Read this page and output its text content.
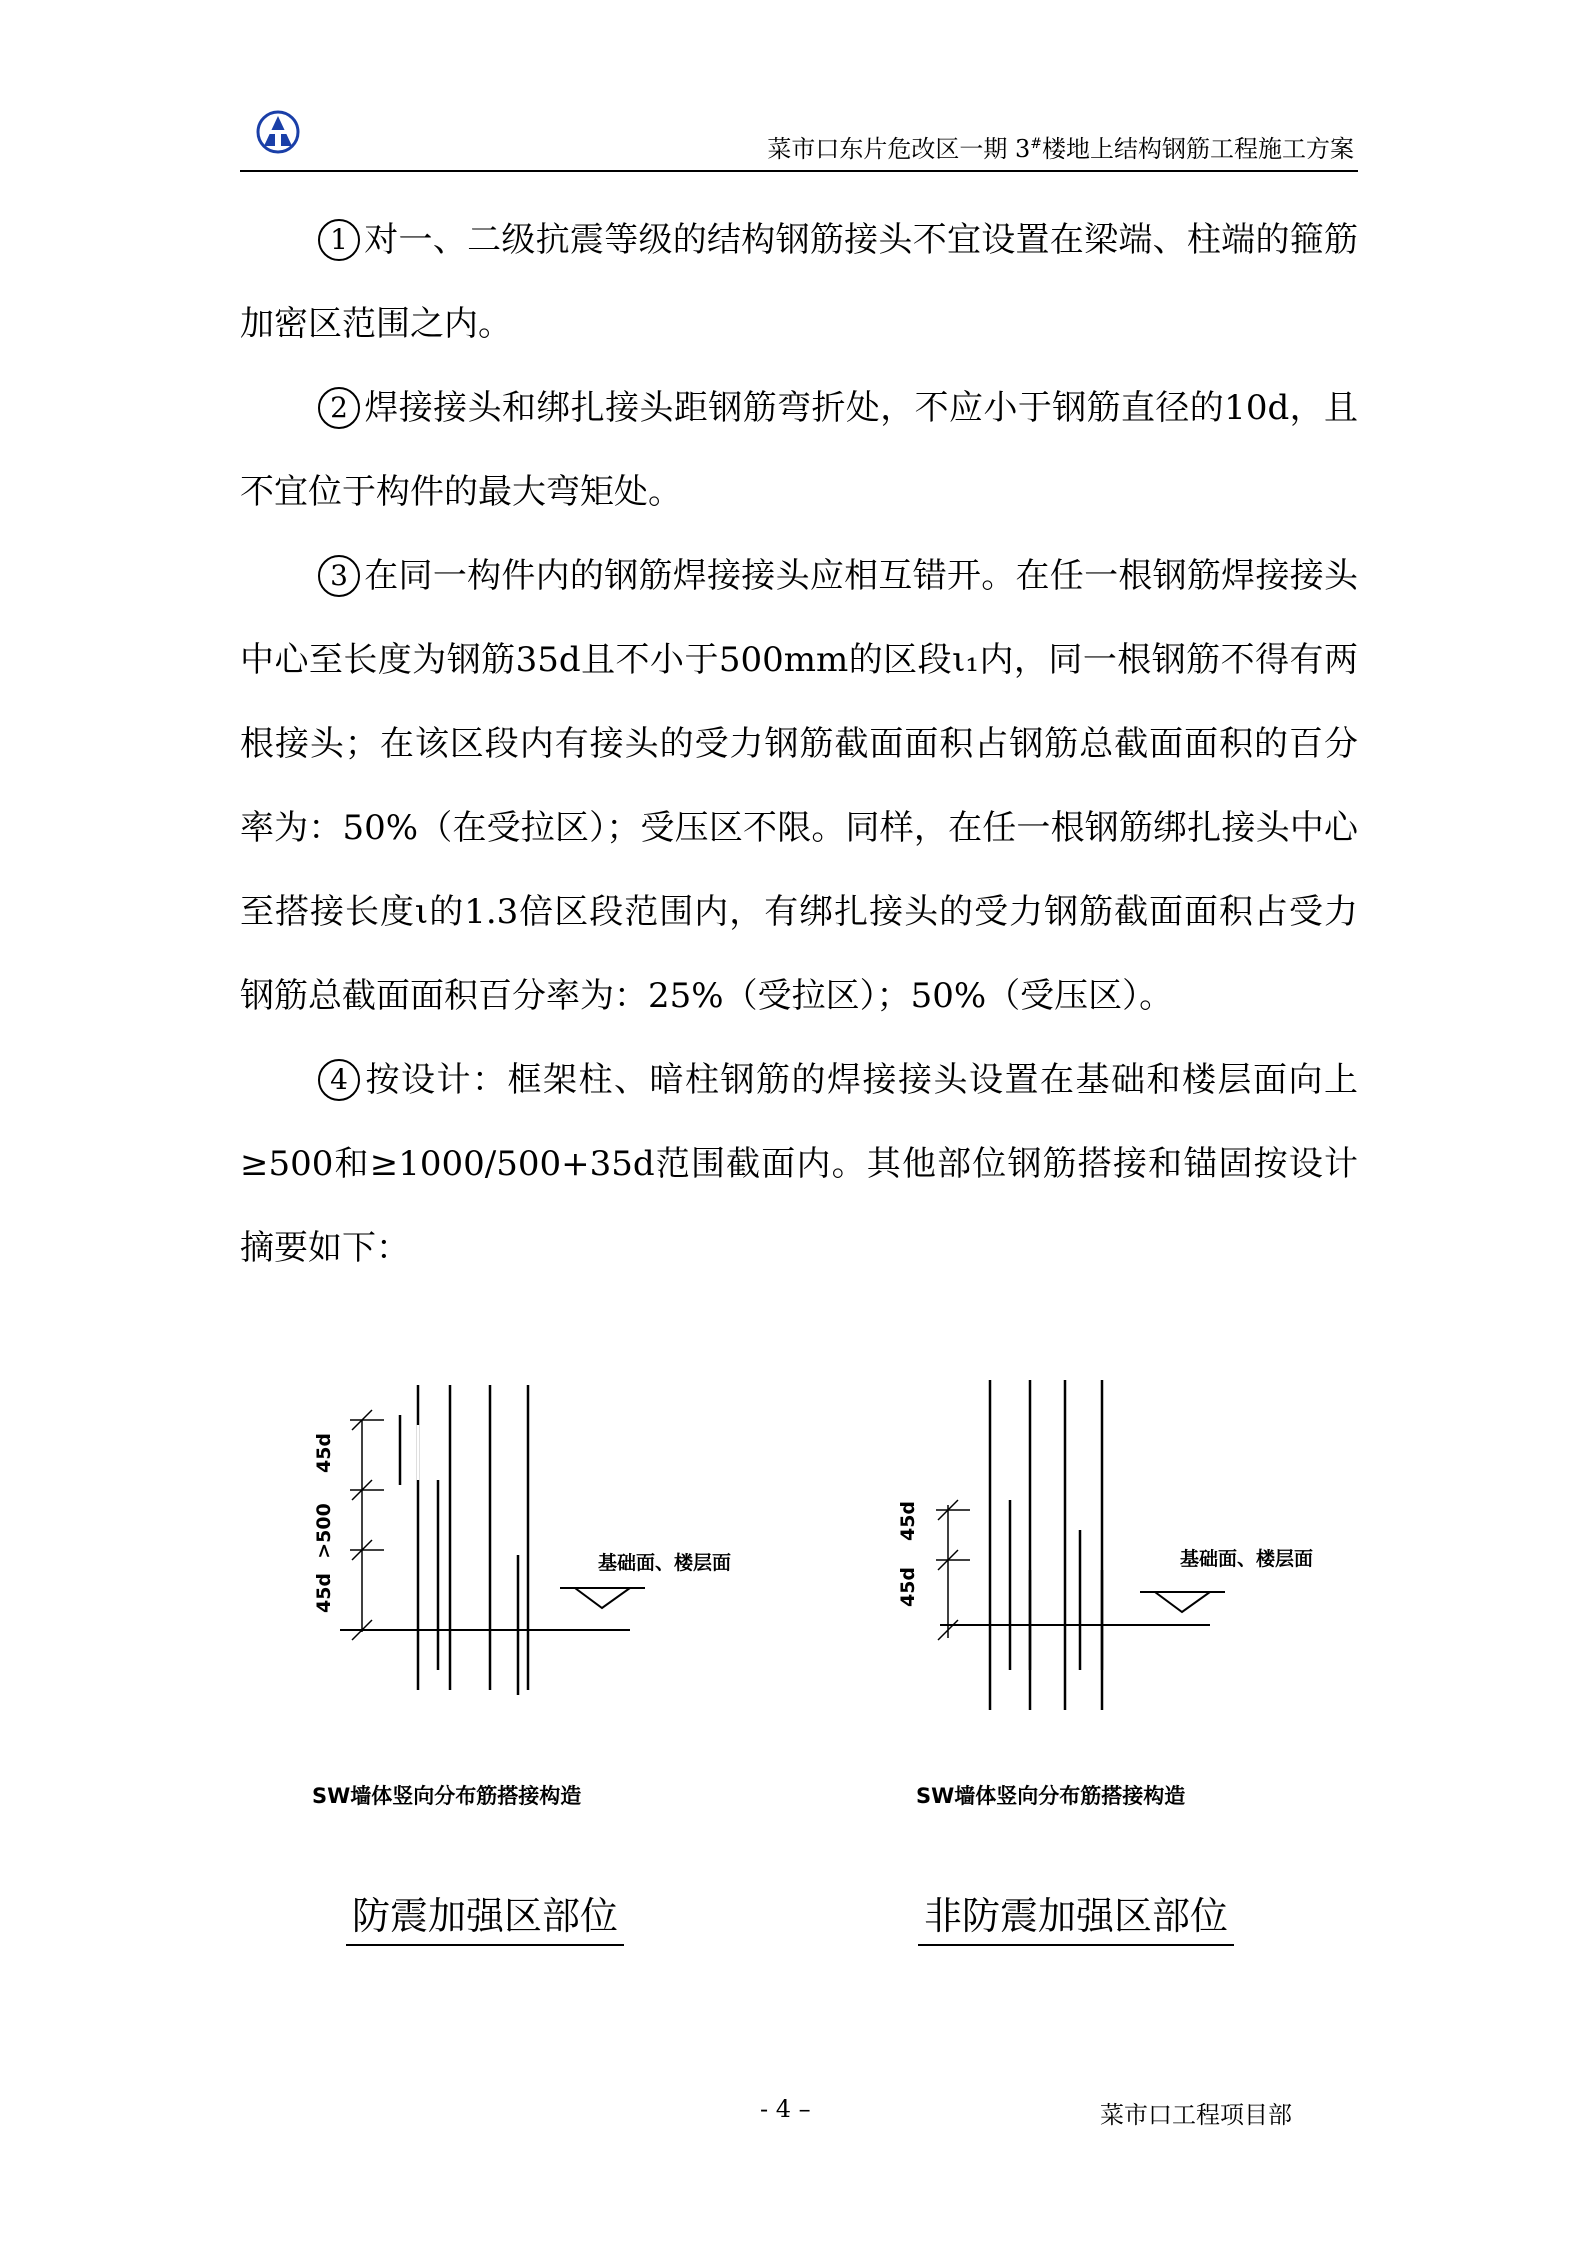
菜市口东片危改区一期 3#楼地上结构钢筋工程施工方案

1 对一、二级抗震等级的结构钢筋接头不宜设置在梁端、柱端的箍筋加密区范围之内。

2 焊接接头和绑扎接头距钢筋弯折处，不应小于钢筋直径的10d，且不宜位于构件的最大弯矩处。

3 在同一构件内的钢筋焊接接头应相互错开。在任一根钢筋焊接接头中心至长度为钢筋35d且不小于500mm的区段ι₁内，同一根钢筋不得有两根接头；在该区段内有接头的受力钢筋截面面积占钢筋总截面面积的百分率为：50%（在受拉区）；受压区不限。同样，在任一根钢筋绑扎接头中心至搭接长度ι的1.3倍区段范围内，有绑扎接头的受力钢筋截面面积占受力钢筋总截面面积百分率为：25%（受拉区）；50%（受压区）。

4 按设计：框架柱、暗柱钢筋的焊接接头设置在基础和楼层面向上≥500和≥1000/500+35d范围截面内。其他部位钢筋搭接和锚固按设计摘要如下：

45d
>500
45d
基础面、楼层面
SW墙体竖向分布筋搭接构造
45d
45d
基础面、楼层面
SW墙体竖向分布筋搭接构造
防震加强区部位	非防震加强区部位
- 4 –	菜市口工程项目部
